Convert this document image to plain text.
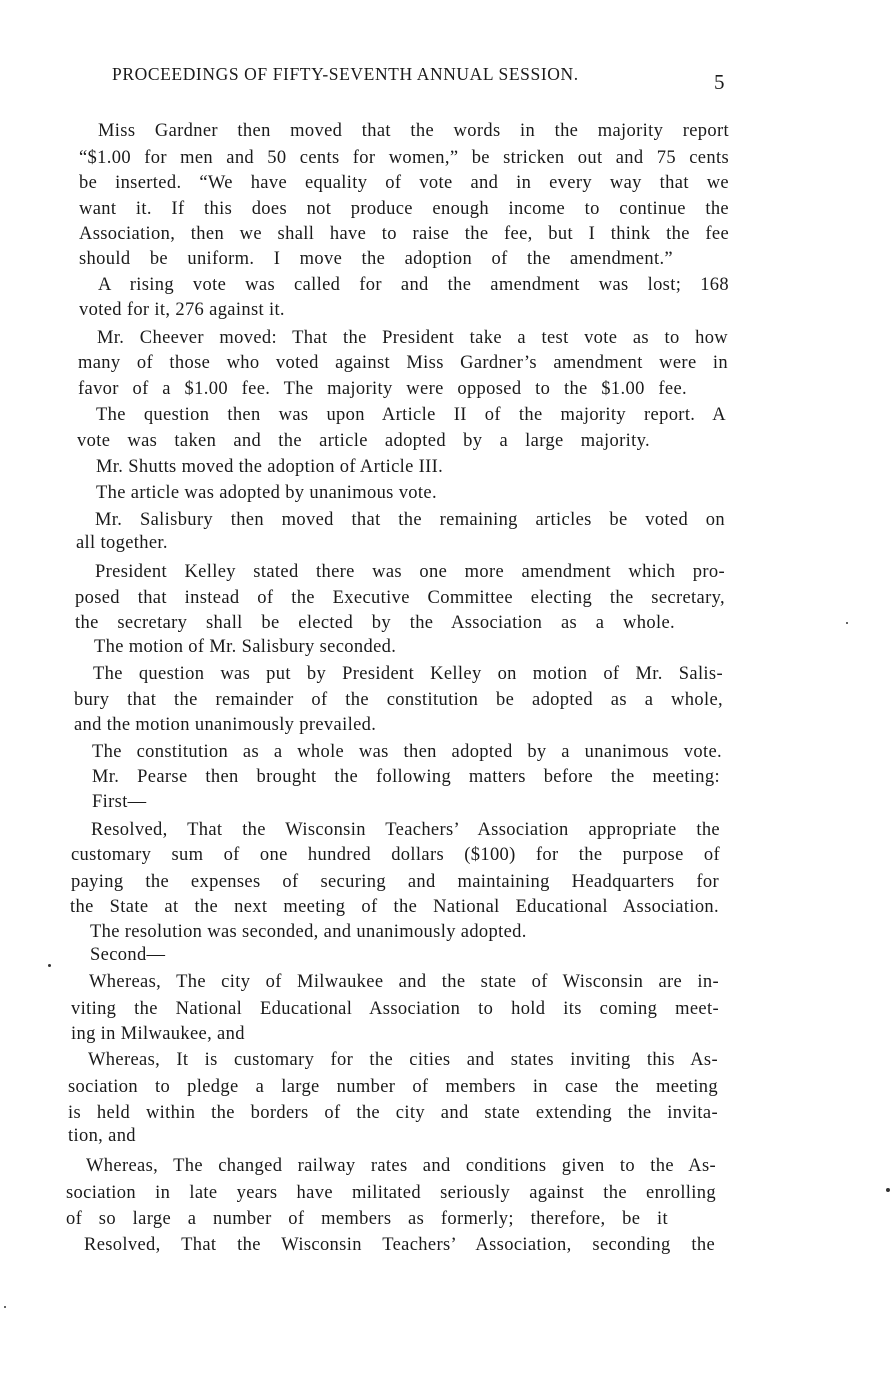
PROCEEDINGS OF FIFTY-SEVENTH ANNUAL SESSION.	5
Miss Gardner then moved that the words in the majority report
“$1.00 for men and 50 cents for women,” be stricken out and 75 cents
be inserted. “We have equality of vote and in every way that we
want it. If this does not produce enough income to continue the
Association, then we shall have to raise the fee, but I think the fee
should be uniform. I move the adoption of the amendment.”
A rising vote was called for and the amendment was lost; 168
voted for it, 276 against it.
Mr. Cheever moved: That the President take a test vote as to how
many of those who voted against Miss Gardner’s amendment were in
favor of a $1.00 fee. The majority were opposed to the $1.00 fee.
The question then was upon Article II of the majority report. A
vote was taken and the article adopted by a large majority.
Mr. Shutts moved the adoption of Article III.
The article was adopted by unanimous vote.
Mr. Salisbury then moved that the remaining articles be voted on
all together.
President Kelley stated there was one more amendment which pro-
posed that instead of the Executive Committee electing the secretary,
the secretary shall be elected by the Association as a whole.
The motion of Mr. Salisbury seconded.
The question was put by President Kelley on motion of Mr. Salis-
bury that the remainder of the constitution be adopted as a whole,
and the motion unanimously prevailed.
The constitution as a whole was then adopted by a unanimous vote.
Mr. Pearse then brought the following matters before the meeting:
First—
Resolved, That the Wisconsin Teachers’ Association appropriate the
customary sum of one hundred dollars ($100) for the purpose of
paying the expenses of securing and maintaining Headquarters for
the State at the next meeting of the National Educational Association.
The resolution was seconded, and unanimously adopted.
Second—
Whereas, The city of Milwaukee and the state of Wisconsin are in-
viting the National Educational Association to hold its coming meet-
ing in Milwaukee, and
Whereas, It is customary for the cities and states inviting this As-
sociation to pledge a large number of members in case the meeting
is held within the borders of the city and state extending the invita-
tion, and
Whereas, The changed railway rates and conditions given to the As-
sociation in late years have militated seriously against the enrolling
of so large a number of members as formerly; therefore, be it
Resolved, That the Wisconsin Teachers’ Association, seconding the
